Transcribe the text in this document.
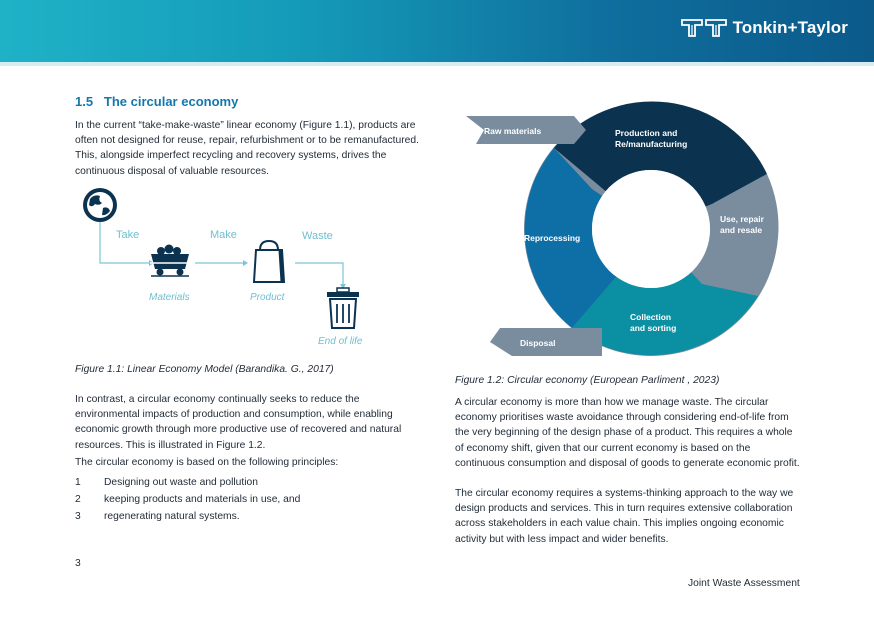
Tonkin+Taylor
1.5 The circular economy

In the current “take-make-waste” linear economy (Figure 1.1), products are often not designed for reuse, repair, refurbishment or to be remanufactured. This, alongside imperfect recycling and recovery systems, drives the continuous disposal of valuable resources.

Take	Make	Waste
Materials	Product
End of life

Figure 1.1: Linear Economy Model (Barandika. G., 2017)

In contrast, a circular economy continually seeks to reduce the environmental impacts of production and consumption, while enabling economic growth through more productive use of recovered and natural resources. This is illustrated in Figure 1.2.

The circular economy is based on the following principles:

1	Designing out waste and pollution
2	keeping products and materials in use, and
3	regenerating natural systems.
Raw materials
Disposal
Production and
Re/manufacturing
Use, repair
and resale
Collection
and sorting
Reprocessing

Figure 1.2: Circular economy (European Parliment , 2023)

A circular economy is more than how we manage waste. The circular economy prioritises waste avoidance through considering end-of-life from the very beginning of the design phase of a product. This requires a whole of economy shift, given that our current economy is based on the continuous consumption and disposal of goods to generate economic profit.

The circular economy requires a systems-thinking approach to the way we design products and services. This in turn requires extensive collaboration across stakeholders in each value chain. This implies ongoing economic activity but with less impact and wider benefits.

3
Joint Waste Assessment
